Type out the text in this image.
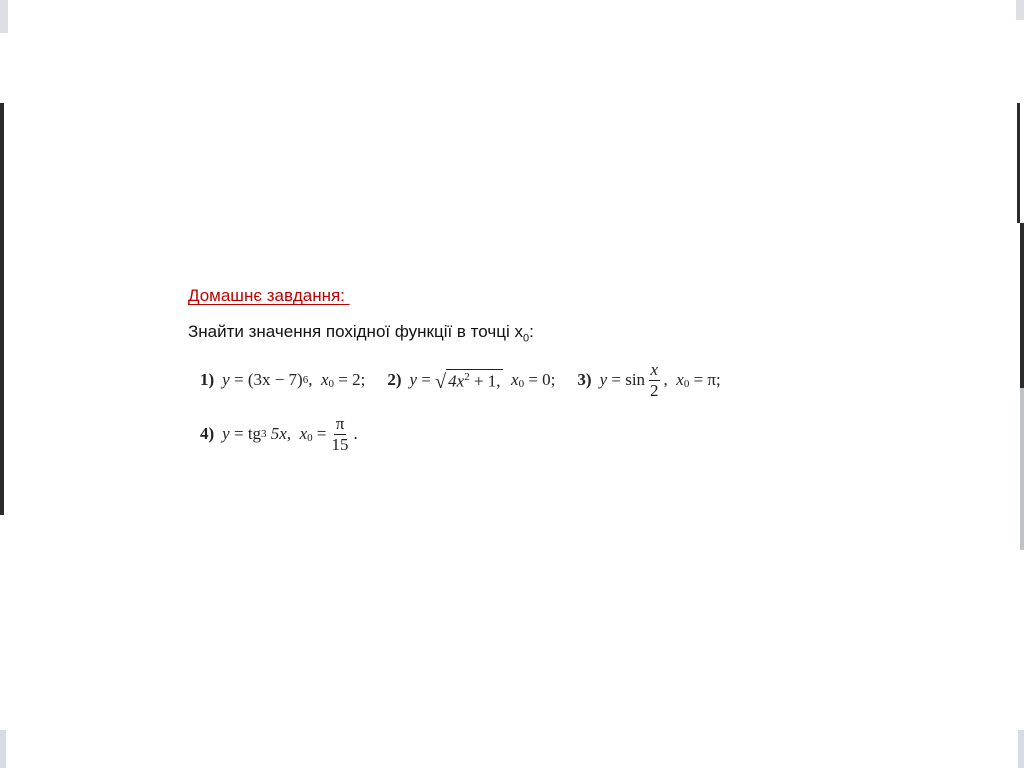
Домашнє завдання:

Знайти значення похідної функції в точці $x_0$:
1) y
=
(3x − 7) 6 , x 0
= 2; 2) y
=
√ $4x^2 + 1$,
x 0
= 0; 3) y
=
$\sin \frac{x}{2}$ , x 0
= π;
4) y
=
tg 3
5x,
x 0
= $\frac{\pi}{15}$ .
